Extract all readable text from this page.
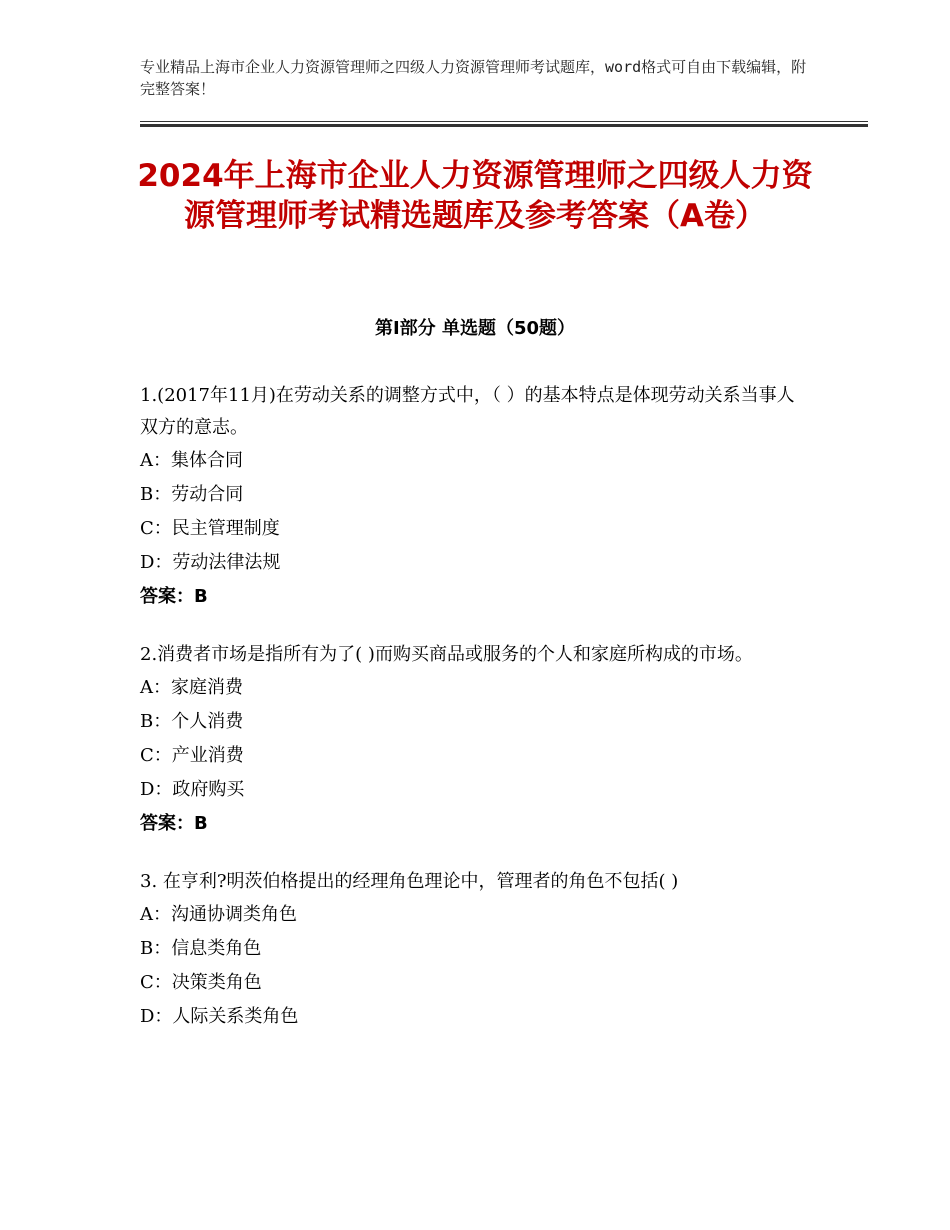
专业精品上海市企业人力资源管理师之四级人力资源管理师考试题库，word格式可自由下载编辑，附完整答案！
2024年上海市企业人力资源管理师之四级人力资源管理师考试精选题库及参考答案（A卷）
第Ⅰ部分 单选题（50题）

1.(2017年11月)在劳动关系的调整方式中，（ ）的基本特点是体现劳动关系当事人双方的意志。

A：集体合同

B：劳动合同

C：民主管理制度

D：劳动法律法规

答案：B

2.消费者市场是指所有为了( )而购买商品或服务的个人和家庭所构成的市场。

A：家庭消费

B：个人消费

C：产业消费

D：政府购买

答案：B

3. 在亨利?明茨伯格提出的经理角色理论中，管理者的角色不包括( )

A：沟通协调类角色

B：信息类角色

C：决策类角色

D：人际关系类角色
